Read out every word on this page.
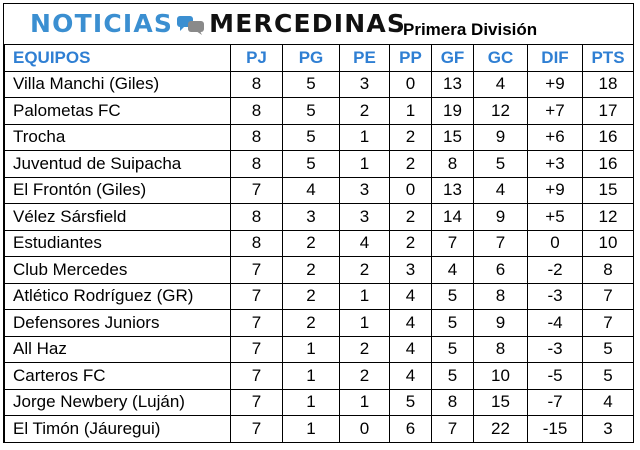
NOTICIAS MERCEDINAS
Primera División
EQUIPOS	PJ	PG	PE	PP	GF	GC	DIF	PTS
Villa Manchi (Giles)	8	5	3	0	13	4	+9	18
Palometas FC	8	5	2	1	19	12	+7	17
Trocha	8	5	1	2	15	9	+6	16
Juventud de Suipacha	8	5	1	2	8	5	+3	16
El Frontón (Giles)	7	4	3	0	13	4	+9	15
Vélez Sársfield	8	3	3	2	14	9	+5	12
Estudiantes	8	2	4	2	7	7	0	10
Club Mercedes	7	2	2	3	4	6	-2	8
Atlético Rodríguez (GR)	7	2	1	4	5	8	-3	7
Defensores Juniors	7	2	1	4	5	9	-4	7
All Haz	7	1	2	4	5	8	-3	5
Carteros FC	7	1	2	4	5	10	-5	5
Jorge Newbery (Luján)	7	1	1	5	8	15	-7	4
El Timón (Jáuregui)	7	1	0	6	7	22	-15	3
